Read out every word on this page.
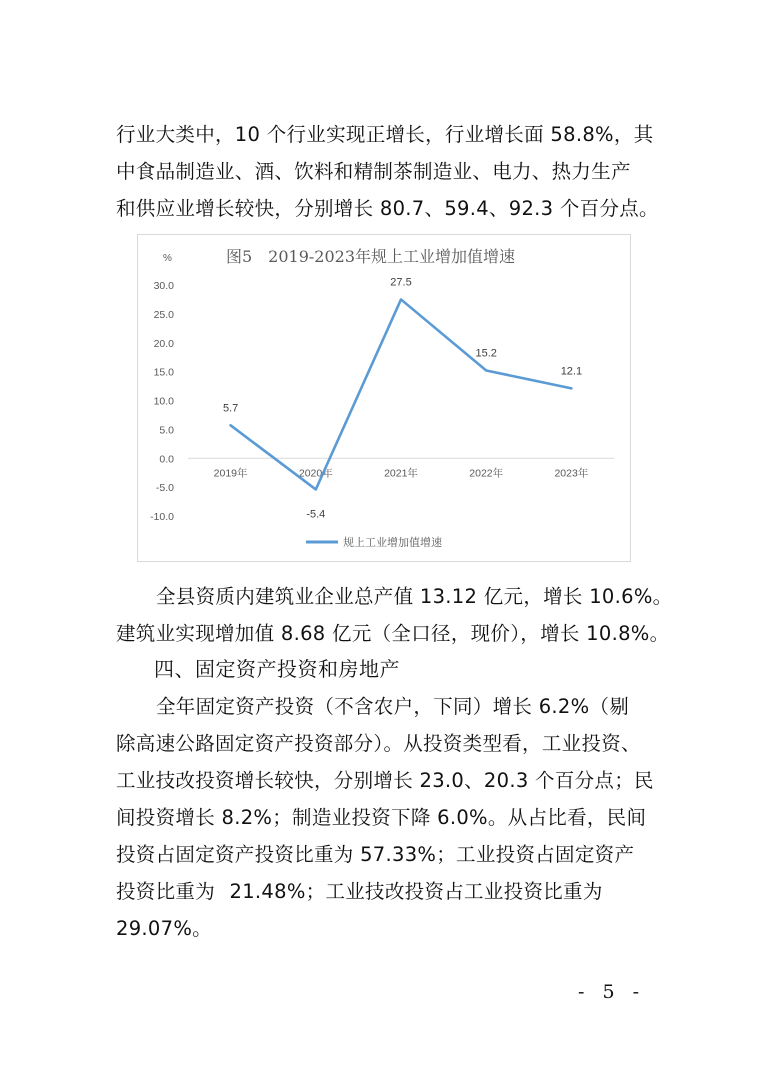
行业大类中，10 个行业实现正增长，行业增长面 58.8%，其
中食品制造业、酒、饮料和精制茶制造业、电力、热力生产
和供应业增长较快，分别增长 80.7、59.4、92.3 个百分点。
%	图5　2019-2023年规上工业增加值增速
30.0
25.0
20.0
15.0
10.0
5.0
0.0
-5.0
-10.0
2019年	2020年	2021年	2022年	2023年
5.7
-5.4
27.5
15.2
12.1
规上工业增加值增速
全县资质内建筑业企业总产值 13.12 亿元，增长 10.6%。
建筑业实现增加值 8.68 亿元（全口径，现价），增长 10.8%。
四、固定资产投资和房地产
全年固定资产投资（不含农户，下同）增长 6.2%（剔
除高速公路固定资产投资部分）。从投资类型看，工业投资、
工业技改投资增长较快，分别增长 23.0、20.3 个百分点；民
间投资增长 8.2%；制造业投资下降 6.0%。从占比看，民间
投资占固定资产投资比重为 57.33%；工业投资占固定资产
投资比重为 21.48%；工业技改投资占工业投资比重为
29.07%。
- 5 -
